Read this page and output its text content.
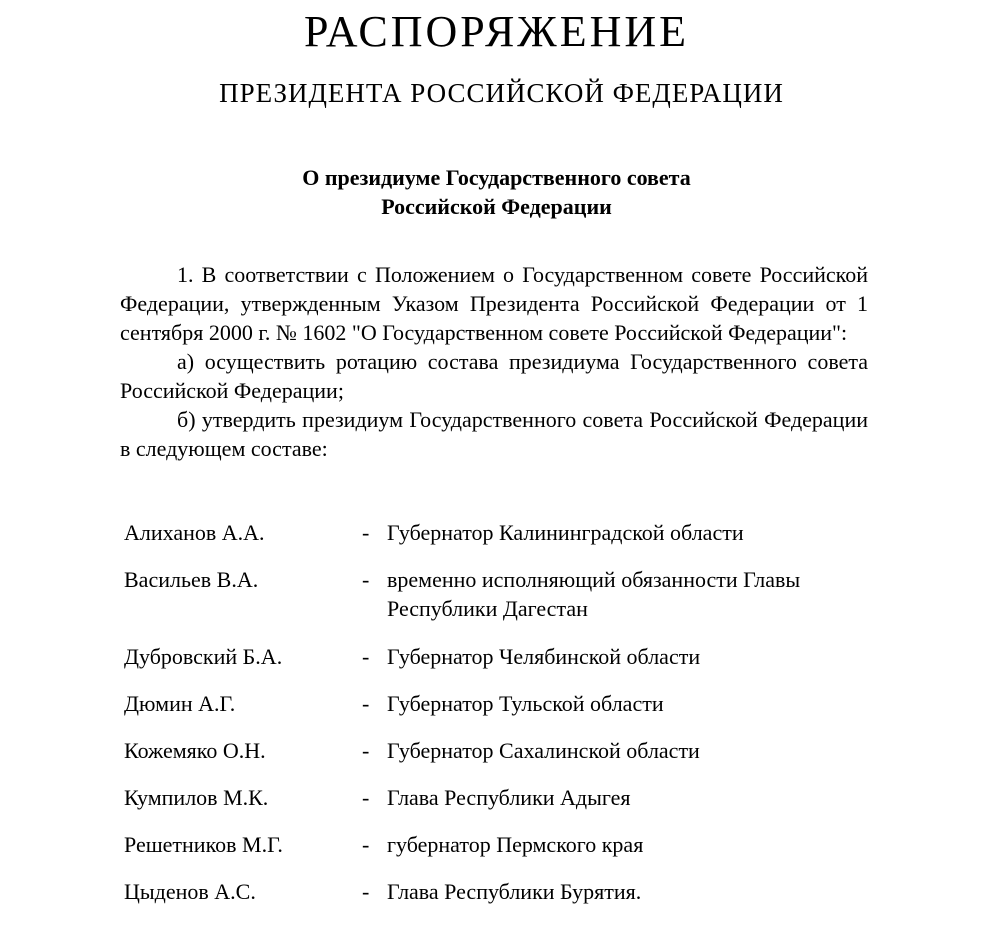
РАСПОРЯЖЕНИЕ
ПРЕЗИДЕНТА РОССИЙСКОЙ ФЕДЕРАЦИИ
О президиуме Государственного совета
Российской Федерации

1. В соответствии с Положением о Государственном совете Российской Федерации, утвержденным Указом Президента Российской Федерации от 1 сентября 2000 г. № 1602 "О Государственном совете Российской Федерации":

а) осуществить ротацию состава президиума Государственного совета Российской Федерации;

б) утвердить президиум Государственного совета Российской Федерации в следующем составе:

Алиханов А.А.	- Губернатор Калининградской области
Васильев В.А.	- временно исполняющий обязанности Главы Республики Дагестан
Дубровский Б.А.	- Губернатор Челябинской области
Дюмин А.Г.	- Губернатор Тульской области
Кожемяко О.Н.	- Губернатор Сахалинской области
Кумпилов М.К.	- Глава Республики Адыгея
Решетников М.Г.	- губернатор Пермского края
Цыденов А.С.	- Глава Республики Бурятия.
